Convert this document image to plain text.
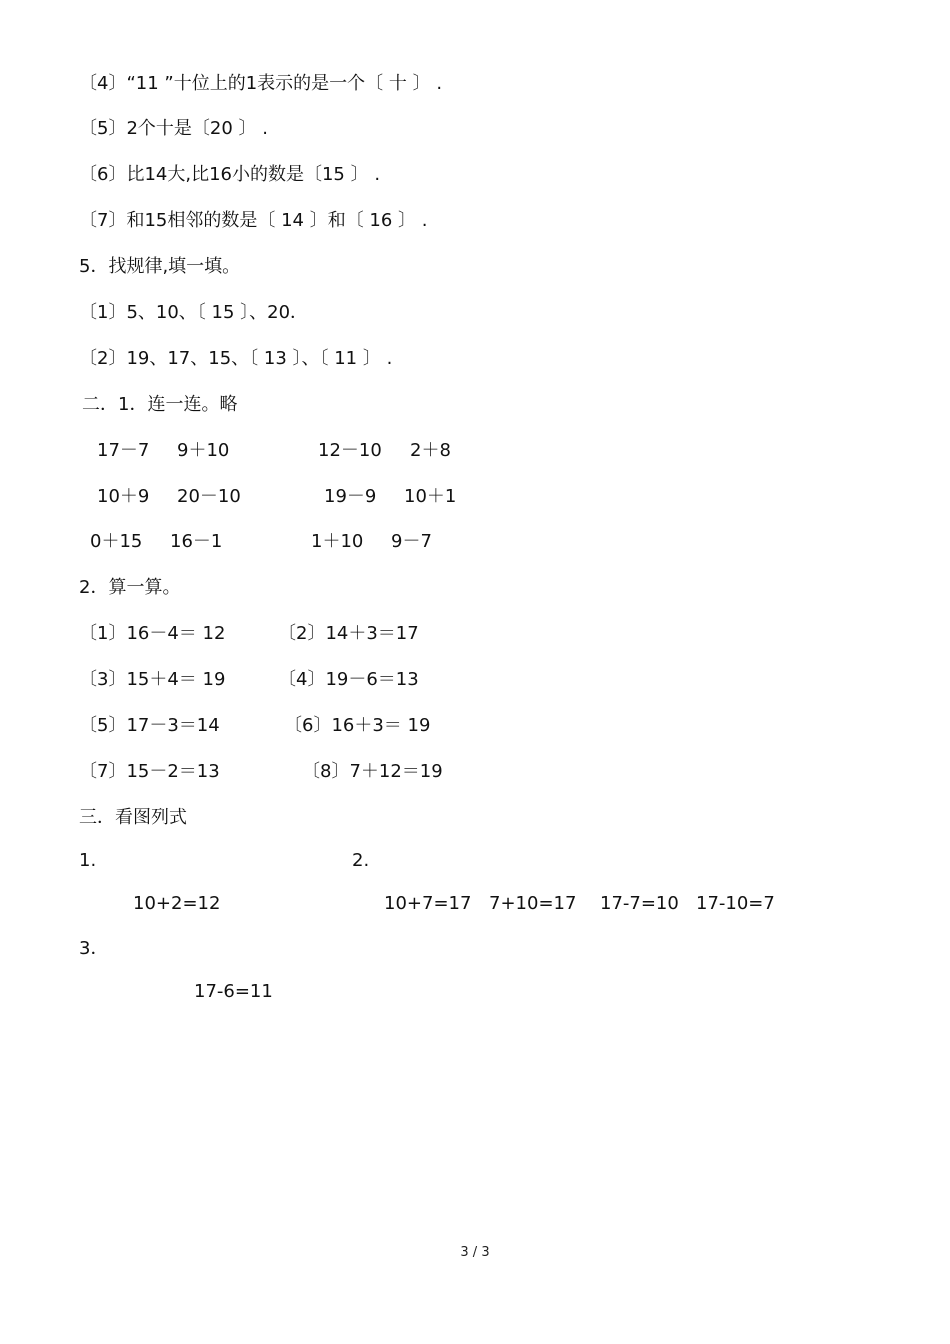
〔4〕“11 ”十位上的1表示的是一个〔 十 〕 .
〔5〕2个十是〔20 〕 .
〔6〕比14大,比16小的数是〔15 〕 .
〔7〕和15相邻的数是〔 14 〕和〔 16 〕 .
5．找规律,填一填。
〔1〕5、10、〔 15 〕、20．
〔2〕19、17、15、〔 13 〕、〔 11 〕 .
二．1．连一连。略
17－7 9＋10	12－10 2＋8
10＋9 20－10	19－9 10＋1
0＋15 16－1	1＋10 9－7
2．算一算。
〔1〕16－4＝ 12	〔2〕14＋3＝17
〔3〕15＋4＝ 19	〔4〕19－6＝13
〔5〕17－3＝14	〔6〕16＋3＝ 19
〔7〕15－2＝13	〔8〕7＋12＝19
三．看图列式
1.	2.
10+2=12	10+7=17 7+10=17 17-7=10 17-10=7
3．
17-6=11
3 / 3
